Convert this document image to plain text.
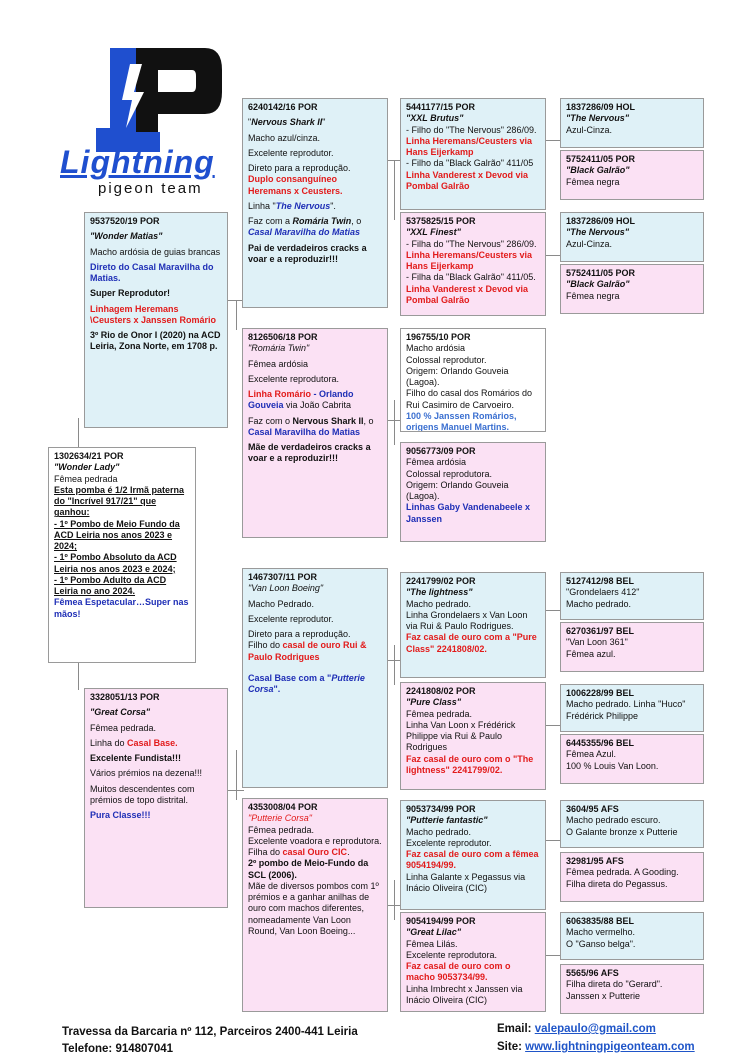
Lightning
pigeon team
1302634/21 POR
"Wonder Lady"
Fêmea pedrada
Esta pomba é 1/2 Irmã paterna do "Incrível 917/21" que ganhou:
- 1º Pombo de Meio Fundo da ACD Leiria nos anos 2023 e 2024;
- 1º Pombo Absoluto da ACD Leiria nos anos 2023 e 2024;
- 1º Pombo Adulto da ACD Leiria no ano 2024.
Fêmea Espetacular…Super nas mãos!
9537520/19 POR
"Wonder Matias"
Macho ardósia de guias brancas
Direto do Casal Maravilha do Matias.
Super Reprodutor!
Linhagem Heremans \Ceusters x Janssen Romário
3º Rio de Onor I (2020) na ACD Leiria, Zona Norte, em 1708 p.
3328051/13 POR
"Great Corsa"
Fêmea pedrada.
Linha do Casal Base.
Excelente Fundista!!!
Vários prémios na dezena!!!
Muitos descendentes com prémios de topo distrital.
Pura Classe!!!
6240142/16 POR
"Nervous Shark II"
Macho azul/cinza.
Excelente reprodutor.
Direto para a reprodução.
Duplo consanguíneo Heremans x Ceusters.
Linha "The Nervous".
Faz com a Romária Twin, o Casal Maravilha do Matias
Pai de verdadeiros cracks a voar e a reproduzir!!!
8126506/18 POR
"Romária Twin"
Fêmea ardósia
Excelente reprodutora.
Linha Romário - Orlando Gouveia via João Cabrita
Faz com o Nervous Shark II, o Casal Maravilha do Matias
Mãe de verdadeiros cracks a voar e a reproduzir!!!
1467307/11 POR
"Van Loon Boeing"
Macho Pedrado.
Excelente reprodutor.
Direto para a reprodução.
Filho do casal de ouro Rui & Paulo Rodrigues
Casal Base com a "Putterie Corsa".
4353008/04 POR
"Putterie Corsa"
Fêmea pedrada.
Excelente voadora e reprodutora.
Filha do casal Ouro CIC.
2º pombo de Meio-Fundo da SCL (2006).
Mãe de diversos pombos com 1º prémios e a ganhar anilhas de ouro com machos diferentes, nomeadamente Van Loon Round, Van Loon Boeing...
5441177/15 POR
"XXL Brutus"
- Filho do "The Nervous" 286/09.
Linha Heremans/Ceusters via Hans Eijerkamp
- Filho da "Black Galrão" 411/05
Linha Vanderest x Devod via Pombal Galrão
5375825/15 POR
"XXL Finest"
- Filha do "The Nervous" 286/09.
Linha Heremans/Ceusters via Hans Eijerkamp
- Filha da "Black Galrão" 411/05.
Linha Vanderest x Devod via Pombal Galrão
196755/10 POR
Macho ardósia
Colossal reprodutor.
Origem: Orlando Gouveia (Lagoa).
Filho do casal dos Romários do Rui Casimiro de Carvoeiro.
100 % Janssen Romários, origens Manuel Martins.
9056773/09 POR
Fêmea ardósia
Colossal reprodutora.
Origem: Orlando Gouveia (Lagoa).
Linhas Gaby Vandenabeele x Janssen
2241799/02 POR
"The lightness"
Macho pedrado.
Linha Grondelaers x Van Loon via Rui & Paulo Rodrigues.
Faz casal de ouro com a "Pure Class" 2241808/02.
2241808/02 POR
"Pure Class"
Fêmea pedrada.
Linha Van Loon x Frédérick Philippe via Rui & Paulo Rodrigues
Faz casal de ouro com o "The lightness" 2241799/02.
9053734/99 POR
"Putterie fantastic"
Macho pedrado.
Excelente reprodutor.
Faz casal de ouro com a fêmea 9054194/99.
Linha Galante x Pegassus via Inácio Oliveira (CIC)
9054194/99 POR
"Great Lilac"
Fêmea Lilás.
Excelente reprodutora.
Faz casal de ouro com o macho 9053734/99.
Linha Imbrecht x Janssen via Inácio Oliveira (CIC)
1837286/09 HOL
"The Nervous"
Azul-Cinza.
5752411/05 POR
"Black Galrão"
Fêmea negra
1837286/09 HOL
"The Nervous"
Azul-Cinza.
5752411/05 POR
"Black Galrão"
Fêmea negra
5127412/98 BEL
"Grondelaers 412"
Macho pedrado.
6270361/97 BEL
"Van Loon 361"
Fêmea azul.
1006228/99 BEL
Macho pedrado. Linha "Huco" Frédérick Philippe
6445355/96 BEL
Fêmea Azul.
100 % Louis Van Loon.
3604/95 AFS
Macho pedrado escuro.
O Galante bronze x Putterie
32981/95 AFS
Fêmea pedrada. A Gooding.
Filha direta do Pegassus.
6063835/88 BEL
Macho vermelho.
O "Ganso belga".
5565/96 AFS
Filha direta do "Gerard".
Janssen x Putterie
Travessa da Barcaria nº 112, Parceiros 2400-441 Leiria
Telefone: 914807041
Email: valepaulo@gmail.com
Site: www.lightningpigeonteam.com
